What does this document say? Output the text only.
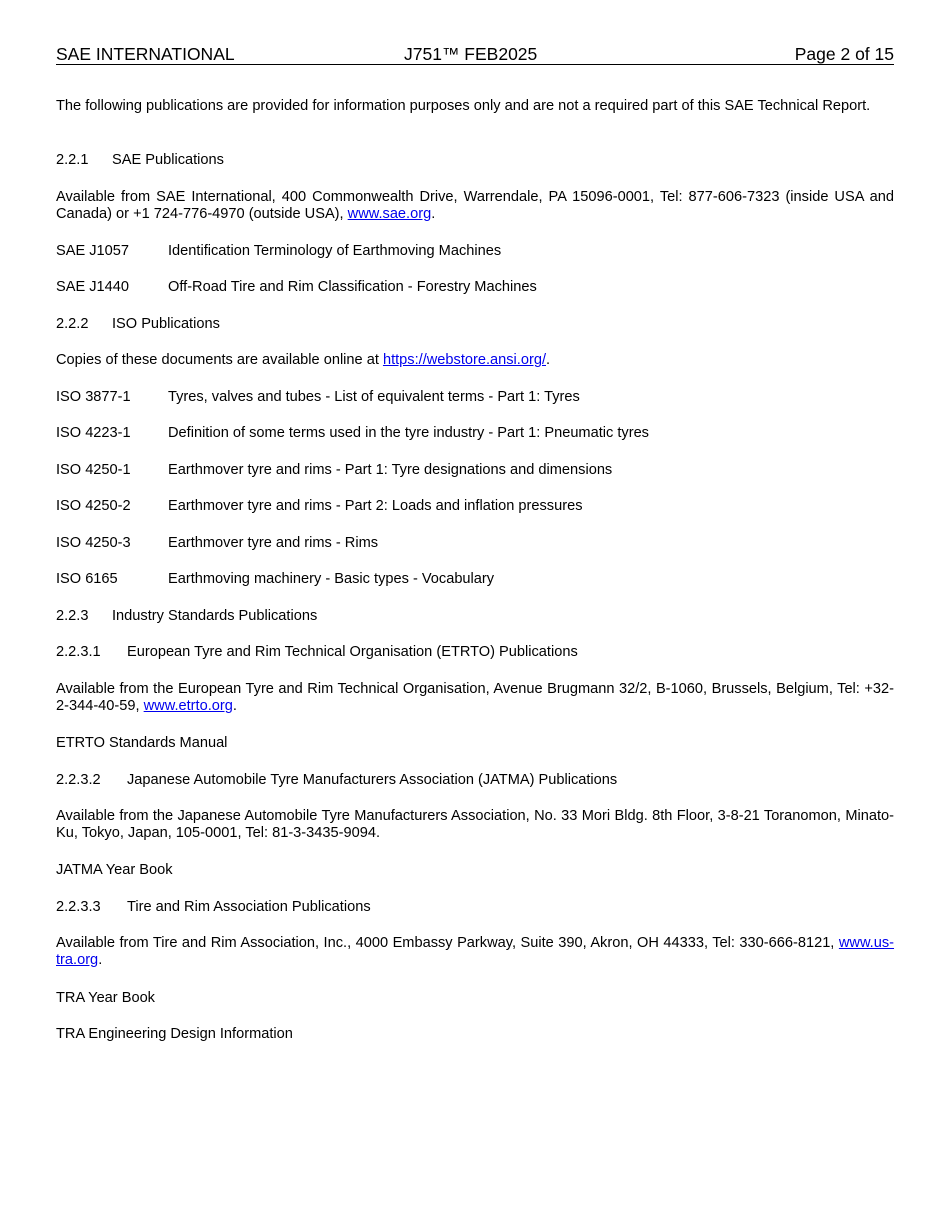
SAE INTERNATIONAL	J751™ FEB2025	Page 2 of 15

The following publications are provided for information purposes only and are not a required part of this SAE Technical Report.

2.2.1 SAE Publications

Available from SAE International, 400 Commonwealth Drive, Warrendale, PA 15096-0001, Tel: 877-606-7323 (inside USA and Canada) or +1 724-776-4970 (outside USA), www.sae.org.

SAE J1057	Identification Terminology of Earthmoving Machines

SAE J1440	Off-Road Tire and Rim Classification - Forestry Machines

2.2.2 ISO Publications

Copies of these documents are available online at https://webstore.ansi.org/.

ISO 3877-1	Tyres, valves and tubes - List of equivalent terms - Part 1: Tyres

ISO 4223-1	Definition of some terms used in the tyre industry - Part 1: Pneumatic tyres

ISO 4250-1	Earthmover tyre and rims - Part 1: Tyre designations and dimensions

ISO 4250-2	Earthmover tyre and rims - Part 2: Loads and inflation pressures

ISO 4250-3	Earthmover tyre and rims - Rims

ISO 6165	Earthmoving machinery - Basic types - Vocabulary

2.2.3 Industry Standards Publications

2.2.3.1 European Tyre and Rim Technical Organisation (ETRTO) Publications

Available from the European Tyre and Rim Technical Organisation, Avenue Brugmann 32/2, B-1060, Brussels, Belgium, Tel: +32-2-344-40-59, www.etrto.org.

ETRTO Standards Manual

2.2.3.2 Japanese Automobile Tyre Manufacturers Association (JATMA) Publications

Available from the Japanese Automobile Tyre Manufacturers Association, No. 33 Mori Bldg. 8th Floor, 3-8-21 Toranomon, Minato-Ku, Tokyo, Japan, 105-0001, Tel: 81-3-3435-9094.

JATMA Year Book

2.2.3.3 Tire and Rim Association Publications

Available from Tire and Rim Association, Inc., 4000 Embassy Parkway, Suite 390, Akron, OH 44333, Tel: 330-666-8121, www.us-tra.org.

TRA Year Book

TRA Engineering Design Information
